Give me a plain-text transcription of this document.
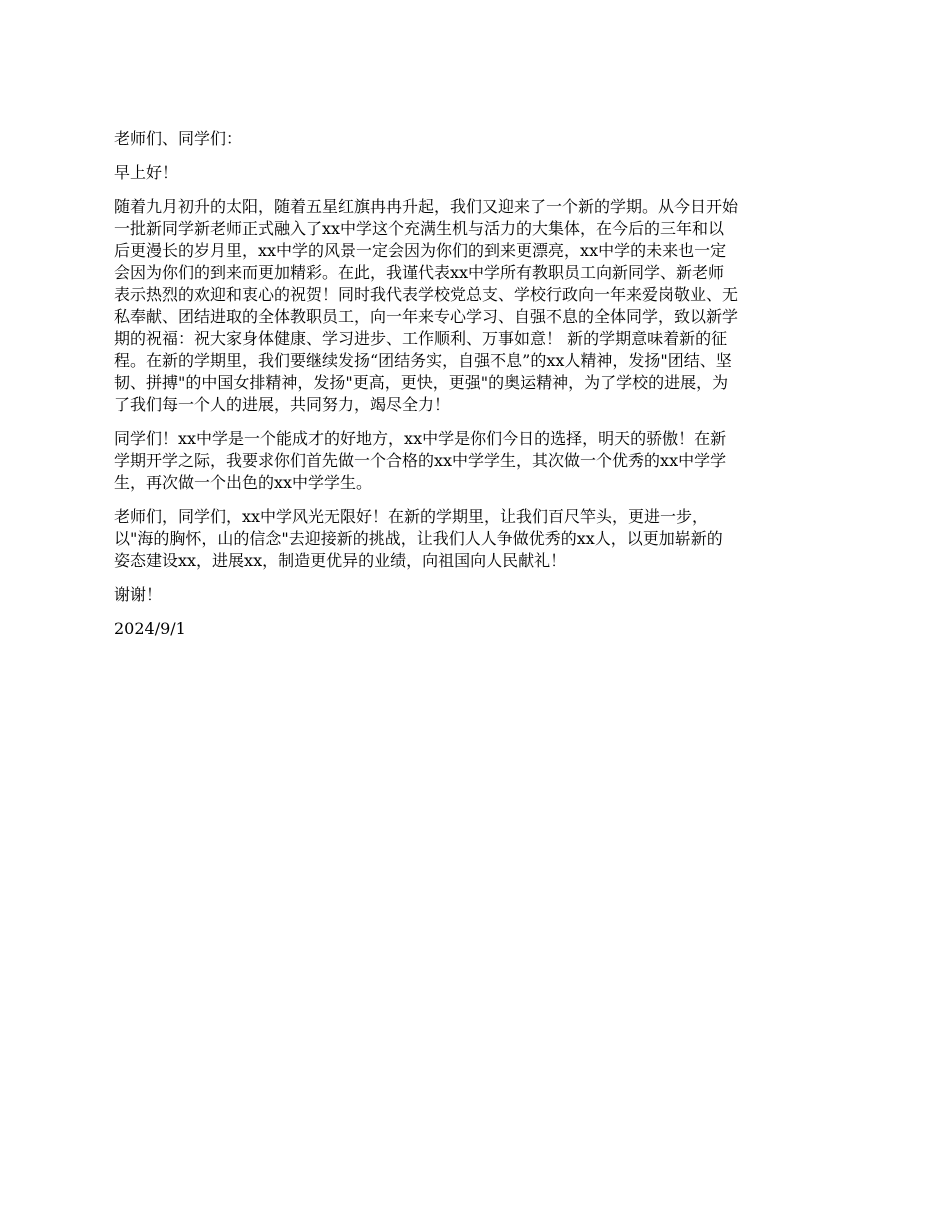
老师们、同学们：

早上好！

随着九月初升的太阳，随着五星红旗冉冉升起，我们又迎来了一个新的学期。从今日开始
一批新同学新老师正式融入了xx中学这个充满生机与活力的大集体，在今后的三年和以
后更漫长的岁月里，xx中学的风景一定会因为你们的到来更漂亮，xx中学的未来也一定
会因为你们的到来而更加精彩。在此，我谨代表xx中学所有教职员工向新同学、新老师
表示热烈的欢迎和衷心的祝贺！同时我代表学校党总支、学校行政向一年来爱岗敬业、无
私奉献、团结进取的全体教职员工，向一年来专心学习、自强不息的全体同学，致以新学
期的祝福：祝大家身体健康、学习进步、工作顺利、万事如意！ 新的学期意味着新的征
程。在新的学期里，我们要继续发扬“团结务实，自强不息”的xx人精神，发扬"团结、坚
韧、拼搏"的中国女排精神，发扬"更高，更快，更强"的奥运精神，为了学校的进展，为
了我们每一个人的进展，共同努力，竭尽全力！

同学们！xx中学是一个能成才的好地方，xx中学是你们今日的选择，明天的骄傲！在新
学期开学之际，我要求你们首先做一个合格的xx中学学生，其次做一个优秀的xx中学学
生，再次做一个出色的xx中学学生。

老师们，同学们，xx中学风光无限好！在新的学期里，让我们百尺竿头，更进一步，
以"海的胸怀，山的信念"去迎接新的挑战，让我们人人争做优秀的xx人，以更加崭新的
姿态建设xx，进展xx，制造更优异的业绩，向祖国向人民献礼！

谢谢！

2024/9/1
